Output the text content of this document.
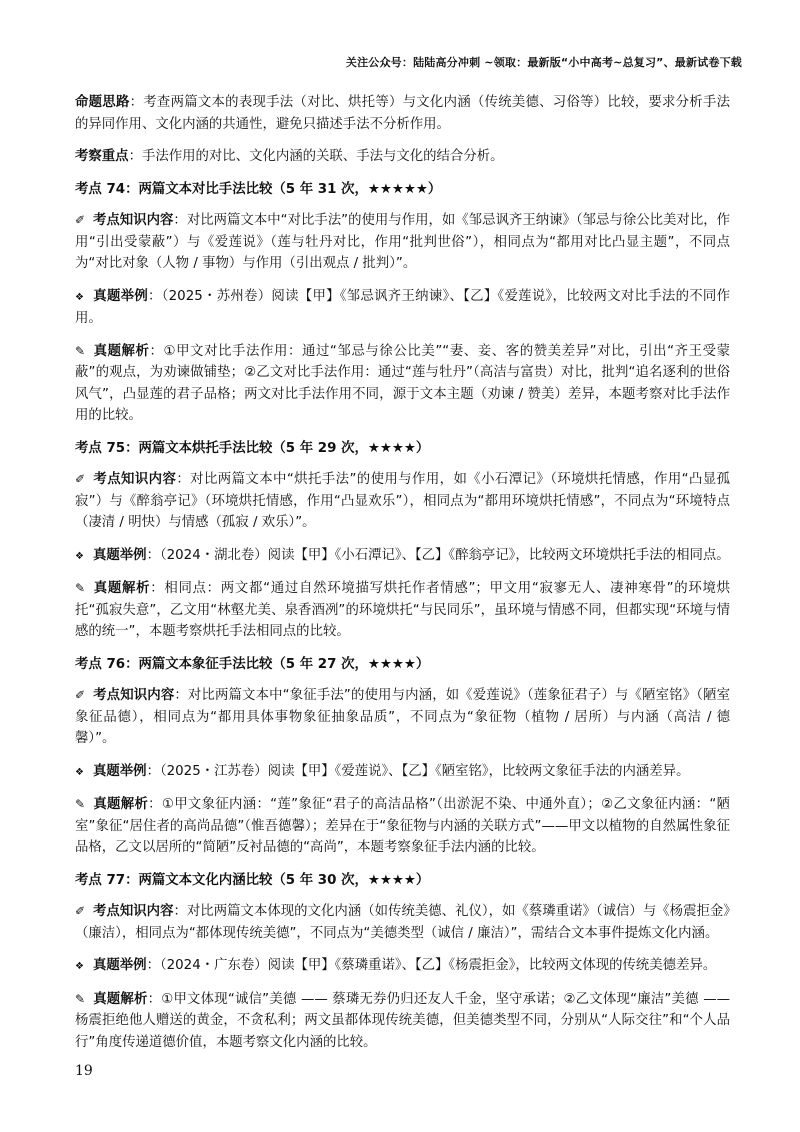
关注公众号：陆陆高分冲刺 ~领取：最新版“小中高考~总复习”、最新试卷下载

命题思路：考查两篇文本的表现手法（对比、烘托等）与文化内涵（传统美德、习俗等）比较，要求分析手法的异同作用、文化内涵的共通性，避免只描述手法不分析作用。

考察重点：手法作用的对比、文化内涵的关联、手法与文化的结合分析。

考点 74：两篇文本对比手法比较（5 年 31 次，★★★★★）

✐ 考点知识内容：对比两篇文本中“对比手法”的使用与作用，如《邹忌讽齐王纳谏》（邹忌与徐公比美对比，作用“引出受蒙蔽”）与《爱莲说》（莲与牡丹对比，作用“批判世俗”），相同点为“都用对比凸显主题”，不同点为“对比对象（人物 / 事物）与作用（引出观点 / 批判）”。

❖ 真题举例：（2025・苏州卷）阅读【甲】《邹忌讽齐王纳谏》、【乙】《爱莲说》，比较两文对比手法的不同作用。

✎ 真题解析：①甲文对比手法作用：通过“邹忌与徐公比美”“妻、妾、客的赞美差异”对比，引出“齐王受蒙蔽”的观点，为劝谏做铺垫；②乙文对比手法作用：通过“莲与牡丹”（高洁与富贵）对比，批判“追名逐利的世俗风气”，凸显莲的君子品格；两文对比手法作用不同，源于文本主题（劝谏 / 赞美）差异，本题考察对比手法作用的比较。

考点 75：两篇文本烘托手法比较（5 年 29 次，★★★★）

✐ 考点知识内容：对比两篇文本中“烘托手法”的使用与作用，如《小石潭记》（环境烘托情感，作用“凸显孤寂”）与《醉翁亭记》（环境烘托情感，作用“凸显欢乐”），相同点为“都用环境烘托情感”，不同点为“环境特点（凄清 / 明快）与情感（孤寂 / 欢乐）”。

❖ 真题举例：（2024・湖北卷）阅读【甲】《小石潭记》、【乙】《醉翁亭记》，比较两文环境烘托手法的相同点。

✎ 真题解析：相同点：两文都“通过自然环境描写烘托作者情感”；甲文用“寂寥无人、凄神寒骨”的环境烘托“孤寂失意”，乙文用“林壑尤美、泉香酒冽”的环境烘托“与民同乐”，虽环境与情感不同，但都实现“环境与情感的统一”，本题考察烘托手法相同点的比较。

考点 76：两篇文本象征手法比较（5 年 27 次，★★★★）

✐ 考点知识内容：对比两篇文本中“象征手法”的使用与内涵，如《爱莲说》（莲象征君子）与《陋室铭》（陋室象征品德），相同点为“都用具体事物象征抽象品质”，不同点为“象征物（植物 / 居所）与内涵（高洁 / 德馨）”。

❖ 真题举例：（2025・江苏卷）阅读【甲】《爱莲说》、【乙】《陋室铭》，比较两文象征手法的内涵差异。

✎ 真题解析：①甲文象征内涵：“莲”象征“君子的高洁品格”（出淤泥不染、中通外直）；②乙文象征内涵：“陋室”象征“居住者的高尚品德”（惟吾德馨）；差异在于“象征物与内涵的关联方式”——甲文以植物的自然属性象征品格，乙文以居所的“简陋”反衬品德的“高尚”，本题考察象征手法内涵的比较。

考点 77：两篇文本文化内涵比较（5 年 30 次，★★★★）

✐ 考点知识内容：对比两篇文本体现的文化内涵（如传统美德、礼仪），如《蔡璘重诺》（诚信）与《杨震拒金》（廉洁），相同点为“都体现传统美德”，不同点为“美德类型（诚信 / 廉洁）”，需结合文本事件提炼文化内涵。

❖ 真题举例：（2024・广东卷）阅读【甲】《蔡璘重诺》、【乙】《杨震拒金》，比较两文体现的传统美德差异。

✎ 真题解析：①甲文体现“诚信”美德 —— 蔡璘无券仍归还友人千金，坚守承诺；②乙文体现“廉洁”美德 —— 杨震拒绝他人赠送的黄金，不贪私利；两文虽都体现传统美德，但美德类型不同，分别从“人际交往”和“个人品行”角度传递道德价值，本题考察文化内涵的比较。

19
